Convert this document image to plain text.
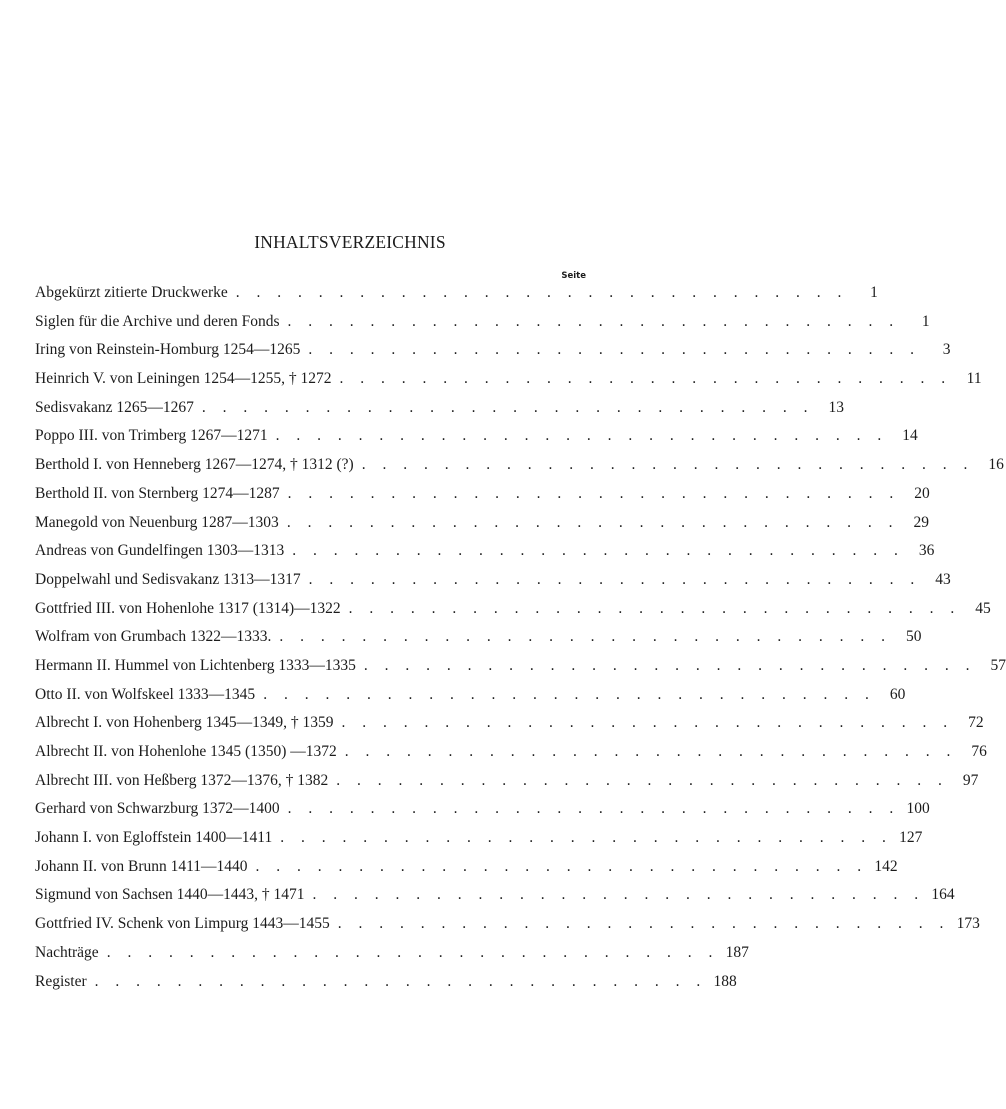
INHALTSVERZEICHNIS
Seite
Abgekürzt zitierte Druckwerke . . . . . . . . . . . . . . . . . . . . . . . . . . . . . .	1
Siglen für die Archive und deren Fonds . . . . . . . . . . . . . . . . . . . . . . . . . . . . . .	1
Iring von Reinstein-Homburg 1254—1265 . . . . . . . . . . . . . . . . . . . . . . . . . . . . . .	3
Heinrich V. von Leiningen 1254—1255, † 1272 . . . . . . . . . . . . . . . . . . . . . . . . . . . . . . 11
Sedisvakanz 1265—1267 . . . . . . . . . . . . . . . . . . . . . . . . . . . . . . 13
Poppo III. von Trimberg 1267—1271 . . . . . . . . . . . . . . . . . . . . . . . . . . . . . . 14
Berthold I. von Henneberg 1267—1274, † 1312 (?) . . . . . . . . . . . . . . . . . . . . . . . . . . . . . . 16
Berthold II. von Sternberg 1274—1287 . . . . . . . . . . . . . . . . . . . . . . . . . . . . . . 20
Manegold von Neuenburg 1287—1303 . . . . . . . . . . . . . . . . . . . . . . . . . . . . . . 29
Andreas von Gundelfingen 1303—1313 . . . . . . . . . . . . . . . . . . . . . . . . . . . . . . 36
Doppelwahl und Sedisvakanz 1313—1317 . . . . . . . . . . . . . . . . . . . . . . . . . . . . . . 43
Gottfried III. von Hohenlohe 1317 (1314)—1322 . . . . . . . . . . . . . . . . . . . . . . . . . . . . . . 45
Wolfram von Grumbach 1322—1333. . . . . . . . . . . . . . . . . . . . . . . . . . . . . . . 50
Hermann II. Hummel von Lichtenberg 1333—1335 . . . . . . . . . . . . . . . . . . . . . . . . . . . . . . 57
Otto II. von Wolfskeel 1333—1345 . . . . . . . . . . . . . . . . . . . . . . . . . . . . . . 60
Albrecht I. von Hohenberg 1345—1349, † 1359 . . . . . . . . . . . . . . . . . . . . . . . . . . . . . . 72
Albrecht II. von Hohenlohe 1345 (1350) —1372 . . . . . . . . . . . . . . . . . . . . . . . . . . . . . . 76
Albrecht III. von Heßberg 1372—1376, † 1382 . . . . . . . . . . . . . . . . . . . . . . . . . . . . . . 97
Gerhard von Schwarzburg 1372—1400 . . . . . . . . . . . . . . . . . . . . . . . . . . . . . . 100
Johann I. von Egloffstein 1400—1411 . . . . . . . . . . . . . . . . . . . . . . . . . . . . . . 127
Johann II. von Brunn 1411—1440 . . . . . . . . . . . . . . . . . . . . . . . . . . . . . . 142
Sigmund von Sachsen 1440—1443, † 1471 . . . . . . . . . . . . . . . . . . . . . . . . . . . . . . 164
Gottfried IV. Schenk von Limpurg 1443—1455 . . . . . . . . . . . . . . . . . . . . . . . . . . . . . . 173
Nachträge . . . . . . . . . . . . . . . . . . . . . . . . . . . . . . 187
Register . . . . . . . . . . . . . . . . . . . . . . . . . . . . . . 188
